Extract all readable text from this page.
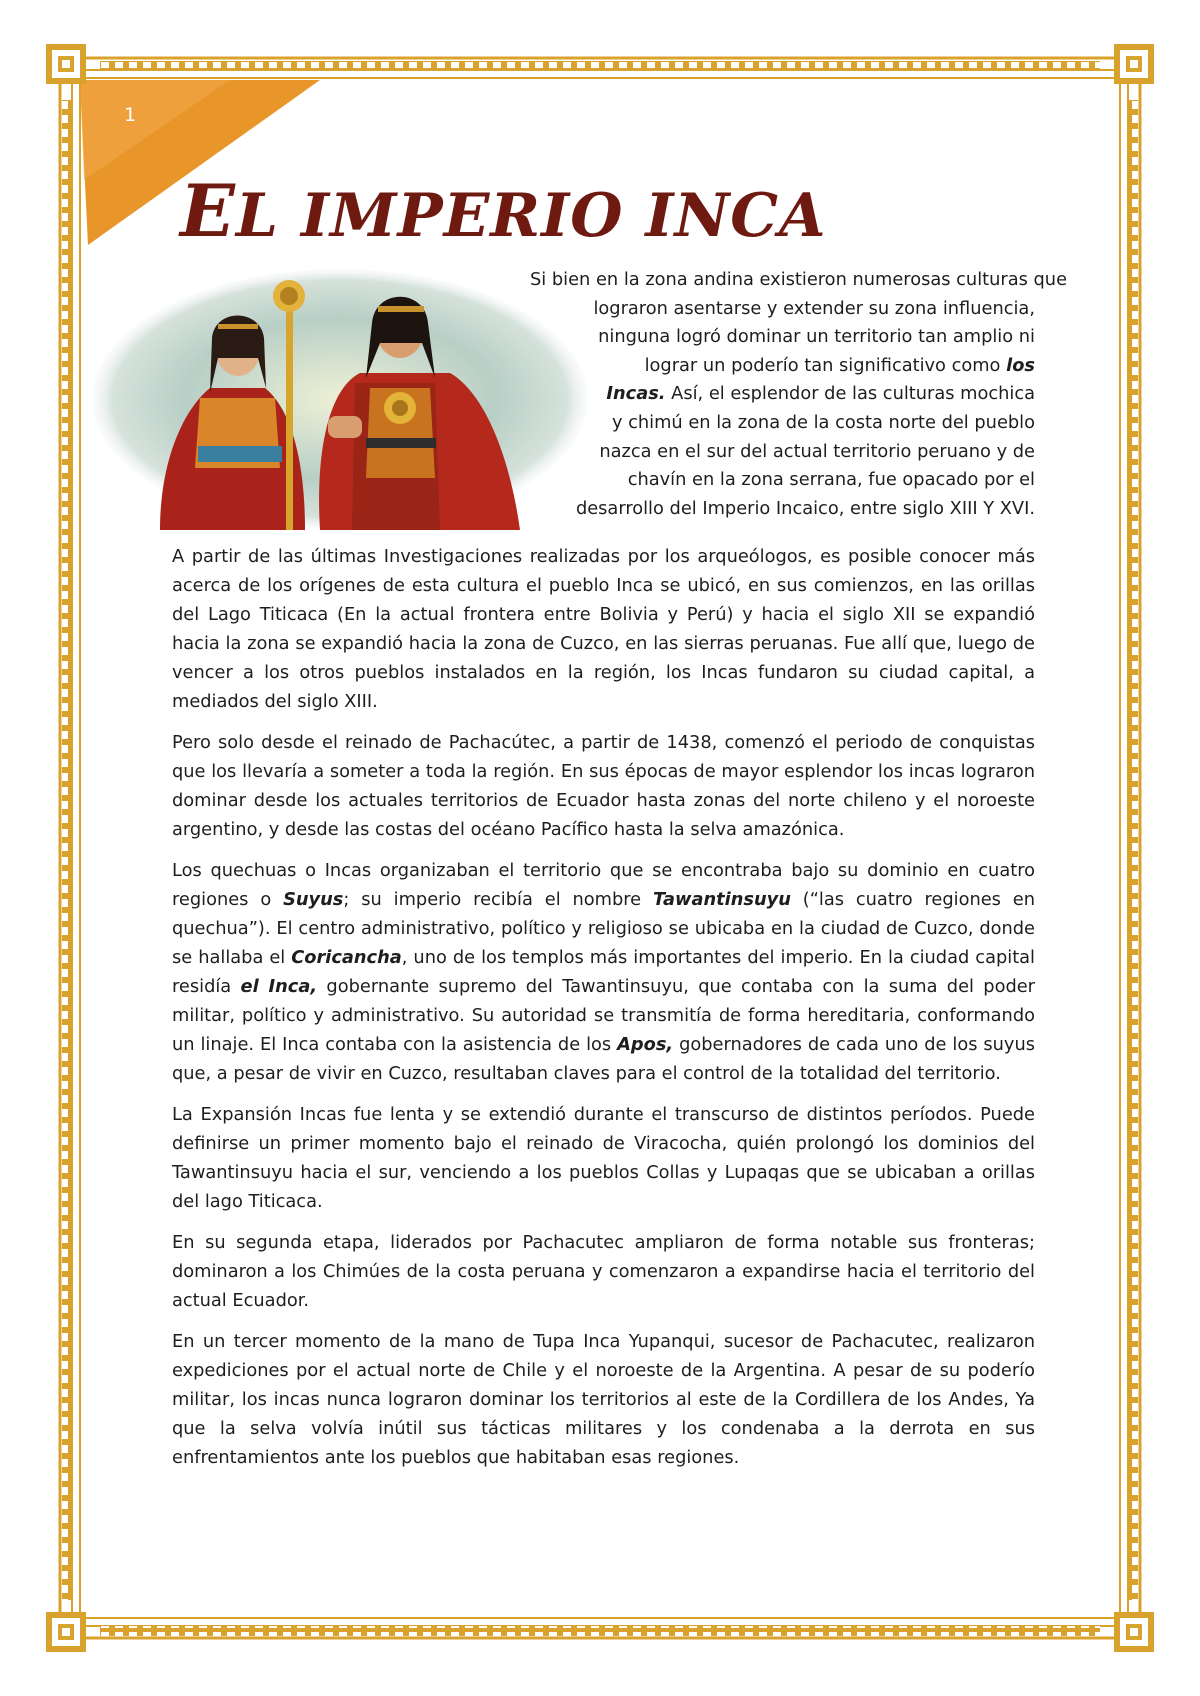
1
EL IMPERIO INCA
Si bien en la zona andina existieron numerosas culturas que
lograron asentarse y extender su zona influencia,
ninguna logró dominar un territorio tan amplio ni
lograr un poderío tan significativo como los
Incas. Así, el esplendor de las culturas mochica
y chimú en la zona de la costa norte del pueblo
nazca en el sur del actual territorio peruano y de
chavín en la zona serrana, fue opacado por el
desarrollo del Imperio Incaico, entre siglo XIII Y XVI.

A partir de las últimas Investigaciones realizadas por los arqueólogos, es posible conocer más acerca de los orígenes de esta cultura el pueblo Inca se ubicó, en sus comienzos, en las orillas del Lago Titicaca (En la actual frontera entre Bolivia y Perú) y hacia el siglo XII se expandió hacia la zona se expandió hacia la zona de Cuzco, en las sierras peruanas. Fue allí que, luego de vencer a los otros pueblos instalados en la región, los Incas fundaron su ciudad capital, a mediados del siglo XIII.

Pero solo desde el reinado de Pachacútec, a partir de 1438, comenzó el periodo de conquistas que los llevaría a someter a toda la región. En sus épocas de mayor esplendor los incas lograron dominar desde los actuales territorios de Ecuador hasta zonas del norte chileno y el noroeste argentino, y desde las costas del océano Pacífico hasta la selva amazónica.

Los quechuas o Incas organizaban el territorio que se encontraba bajo su dominio en cuatro regiones o Suyus; su imperio recibía el nombre Tawantinsuyu (“las cuatro regiones en quechua”). El centro administrativo, político y religioso se ubicaba en la ciudad de Cuzco, donde se hallaba el Coricancha, uno de los templos más importantes del imperio. En la ciudad capital residía el Inca, gobernante supremo del Tawantinsuyu, que contaba con la suma del poder militar, político y administrativo. Su autoridad se transmitía de forma hereditaria, conformando un linaje. El Inca contaba con la asistencia de los Apos, gobernadores de cada uno de los suyus que, a pesar de vivir en Cuzco, resultaban claves para el control de la totalidad del territorio.

La Expansión Incas fue lenta y se extendió durante el transcurso de distintos períodos. Puede definirse un primer momento bajo el reinado de Viracocha, quién prolongó los dominios del Tawantinsuyu hacia el sur, venciendo a los pueblos Collas y Lupaqas que se ubicaban a orillas del lago Titicaca.

En su segunda etapa, liderados por Pachacutec ampliaron de forma notable sus fronteras; dominaron a los Chimúes de la costa peruana y comenzaron a expandirse hacia el territorio del actual Ecuador.

En un tercer momento de la mano de Tupa Inca Yupanqui, sucesor de Pachacutec, realizaron expediciones por el actual norte de Chile y el noroeste de la Argentina. A pesar de su poderío militar, los incas nunca lograron dominar los territorios al este de la Cordillera de los Andes, Ya que la selva volvía inútil sus tácticas militares y los condenaba a la derrota en sus enfrentamientos ante los pueblos que habitaban esas regiones.
